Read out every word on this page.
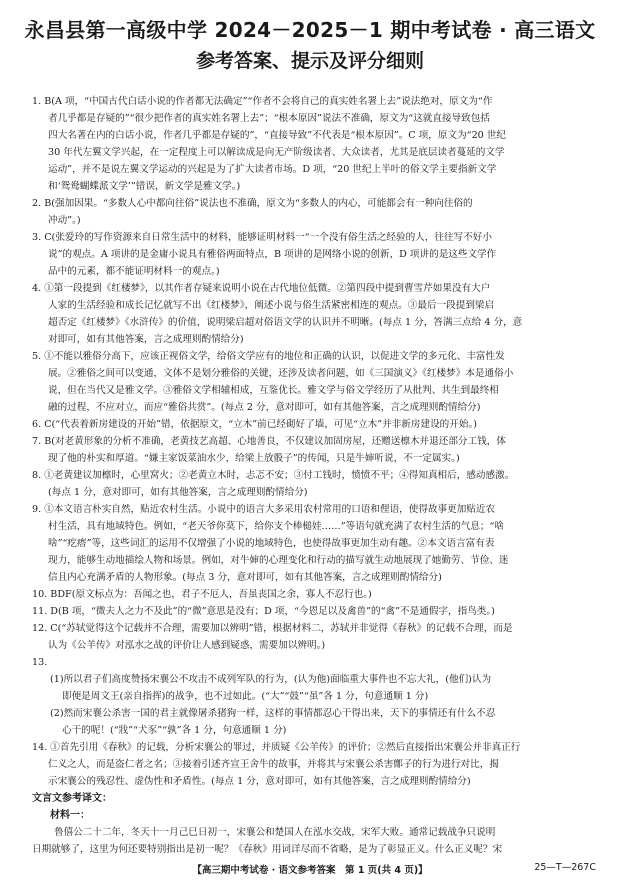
永昌县第一高级中学 2024－2025－1 期中考试卷 · 高三语文
参考答案、提示及评分细则
1. B(A 项，“中国古代白话小说的作者都无法确定”“作者不会将自己的真实姓名署上去”说法绝对，原文为“作
者几乎都是存疑的”“很少把作者的真实姓名署上去”；“根本原因”说法不准确，原文为“这就直接导致包括
四大名著在内的白话小说，作者几乎都是存疑的”，“直接导致”不代表是“根本原因”。C 项，原文为“20 世纪
30 年代左翼文学兴起，在一定程度上可以解读成是向无产阶级读者、大众读者，尤其是底层读者蔓延的文学
运动”，并不是说左翼文学运动的兴起是为了扩大读者市场。D 项，“20 世纪上半叶的俗文学主要指新文学
和‘鸳鸯蝴蝶派文学’”错误，新文学是雅文学。)
2. B(强加因果。“多数人心中都向往俗”说法也不准确，原文为“多数人的内心，可能都会有一种向往俗的
冲动”。)
3. C(张爱玲的写作资源来自日常生活中的材料，能够证明材料一“一个没有俗生活之经验的人，往往写不好小
说”的观点。A 项讲的是金庸小说具有雅俗两面特点，B 项讲的是网络小说的创新，D 项讲的是这些文学作
品中的元素，都不能证明材料一的观点。)
4. ①第一段提到《红楼梦》，以其作者存疑来说明小说在古代地位低微。②第四段中提到曹雪芹如果没有大户
人家的生活经验和成长记忆就写不出《红楼梦》，阐述小说与俗生活紧密相连的观点。③最后一段提到梁启
超否定《红楼梦》《水浒传》的价值，说明梁启超对俗语文学的认识并不明晰。(每点 1 分，答满三点给 4 分，意
对即可，如有其他答案，言之成理则酌情给分)
5. ①不能以雅俗分高下，应该正视俗文学，给俗文学应有的地位和正确的认识，以促进文学的多元化、丰富性发
展。②雅俗之间可以变通，文体不是划分雅俗的关键，还涉及读者问题，如《三国演义》《红楼梦》本是通俗小
说，但在当代又是雅文学。③雅俗文学相辅相成，互鉴优长。雅文学与俗文学经历了从批判、共生到最终相
融的过程，不应对立，而应“雅俗共赏”。(每点 2 分，意对即可，如有其他答案，言之成理则酌情给分)
6. C(“代表着新房建设的开始”错，依据原文，“立木”前已经砌好了墙，可见“立木”并非新房建设的开始。)
7. B(对老黄形象的分析不准确，老黄技艺高超、心地善良，不仅建议加固房屋，还赠送檩木并退还部分工钱，体
现了他的朴实和厚道。“嫌主家饭菜油水少，给梁上放骰子”的传闻，只是牛婶听说，不一定属实。)
8. ①老黄建议加檩时，心里窝火；②老黄立木时，忐忑不安；③付工钱时，愤愤不平；④得知真相后，感动感激。
(每点 1 分，意对即可，如有其他答案，言之成理则酌情给分)
9. ①本文语言朴实自然，贴近农村生活。小说中的语言大多采用农村常用的口语和俚语，使得故事更加贴近农
村生活，具有地域特色。例如，“老天爷你莫下，给你支个棒槌娃……”等语句就充满了农村生活的气息；“啥
啥”“疙瘩”等，这些词汇的运用不仅增强了小说的地域特色，也使得故事更加生动有趣。②本文语言富有表
现力，能够生动地描绘人物和场景。例如，对牛婶的心理变化和行动的描写就生动地展现了她勤劳、节俭、迷
信且内心充满矛盾的人物形象。(每点 3 分，意对即可，如有其他答案，言之成理则酌情给分)
10. BDF(原文标点为：吾闻之也，君子不厄人，吾虽丧国之余，寡人不忍行也。)
11. D(B 项，“微夫人之力不及此”的“微”意思是没有；D 项，“今恩足以及禽兽”的“禽”不是通假字，指鸟类。)
12. C(“苏轼觉得这个记载并不合理，需要加以辨明”错，根据材料二，苏轼并非觉得《春秋》的记载不合理，而是
认为《公羊传》对泓水之战的评价让人感到疑惑，需要加以辨明。)
13.
(1)所以君子们高度赞扬宋襄公不攻击不成列军队的行为，(认为他)面临重大事件也不忘大礼，(他们)认为
即便是周文王(亲自指挥)的战争，也不过如此。(“大”“鼓”“虽”各 1 分，句意通顺 1 分)
(2)然而宋襄公杀害一国的君主就像屠杀猪狗一样，这样的事情都忍心干得出来，天下的事情还有什么不忍
心干的呢！(“戕”“犬豕”“孰”各 1 分，句意通顺 1 分)
14. ①首先引用《春秋》的记载，分析宋襄公的罪过，并质疑《公羊传》的评价；②然后直接指出宋襄公并非真正行
仁义之人，而是盗仁者之名；③接着引述齐宣王舍牛的故事，并将其与宋襄公杀害鄫子的行为进行对比，揭
示宋襄公的残忍性、虚伪性和矛盾性。(每点 1 分，意对即可，如有其他答案，言之成理则酌情给分)
文言文参考译文：
材料一：
鲁僖公二十二年，冬天十一月己巳日初一，宋襄公和楚国人在泓水交战，宋军大败。通常记载战争只说明
日期就够了，这里为何还要特别指出是初一呢？《春秋》用词详尽而不省略，是为了彰显正义。什么正义呢？宋
【高三期中考试卷 · 语文参考答案　第 1 页(共 4 页)】	25—T—267C
